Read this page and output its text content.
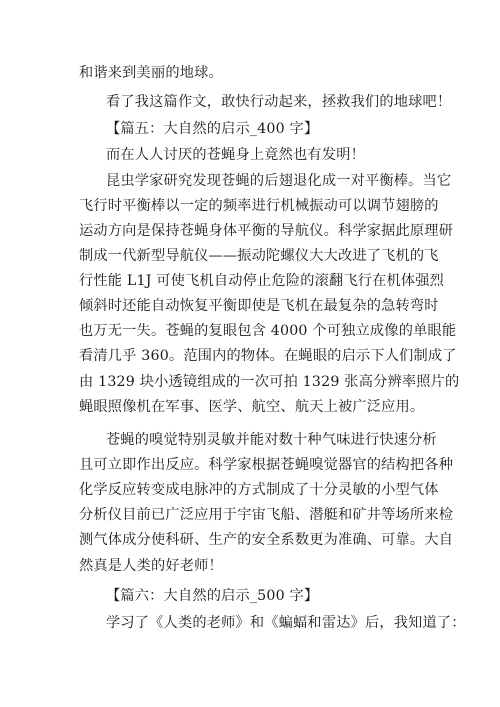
和谐来到美丽的地球。
看了我这篇作文，敢快行动起来，拯救我们的地球吧！
【篇五：大自然的启示_400 字】
而在人人讨厌的苍蝇身上竟然也有发明！
昆虫学家研究发现苍蝇的后翅退化成一对平衡棒。当它
飞行时平衡棒以一定的频率进行机械振动可以调节翅膀的
运动方向是保持苍蝇身体平衡的导航仪。科学家据此原理研
制成一代新型导航仪——振动陀螺仪大大改进了飞机的飞
行性能 L1J 可使飞机自动停止危险的滚翻飞行在机体强烈
倾斜时还能自动恢复平衡即使是飞机在最复杂的急转弯时
也万无一失。苍蝇的复眼包含 4000 个可独立成像的单眼能
看清几乎 360。范围内的物体。在蝇眼的启示下人们制成了
由 1329 块小透镜组成的一次可拍 1329 张高分辨率照片的
蝇眼照像机在军事、医学、航空、航天上被广泛应用。
苍蝇的嗅觉特别灵敏并能对数十种气味进行快速分析
且可立即作出反应。科学家根据苍蝇嗅觉器官的结构把各种
化学反应转变成电脉冲的方式制成了十分灵敏的小型气体
分析仪目前已广泛应用于宇宙飞船、潜艇和矿井等场所来检
测气体成分使科研、生产的安全系数更为准确、可靠。大自
然真是人类的好老师！
【篇六：大自然的启示_500 字】
学习了《人类的老师》和《蝙蝠和雷达》后，我知道了：
